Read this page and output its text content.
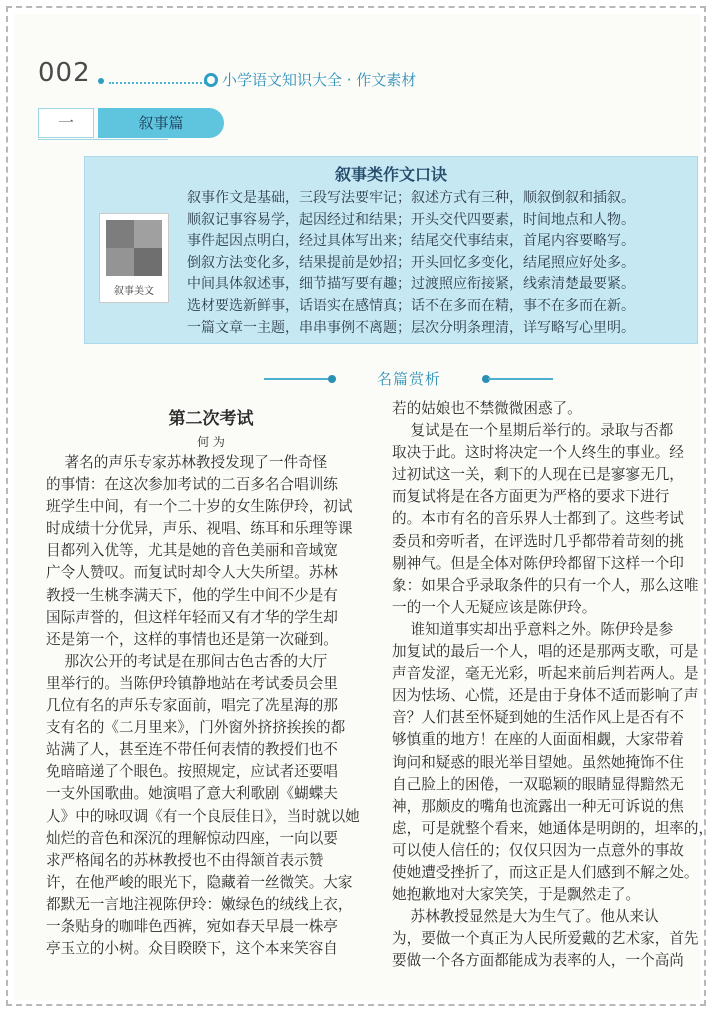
002	小学语文知识大全 · 作文素材
一	叙事篇
叙事类作文口诀
叙事美文
叙事作文是基础，三段写法要牢记；叙述方式有三种，顺叙倒叙和插叙。
顺叙记事容易学，起因经过和结果；开头交代四要素，时间地点和人物。
事件起因点明白，经过具体写出来；结尾交代事结束，首尾内容要略写。
倒叙方法变化多，结果提前是妙招；开头回忆多变化，结尾照应好处多。
中间具体叙述事，细节描写要有趣；过渡照应衔接紧，线索清楚最要紧。
选材要选新鲜事，话语实在感情真；话不在多而在精，事不在多而在新。
一篇文章一主题，串串事例不离题；层次分明条理清，详写略写心里明。
名篇赏析
第二次考试
何 为
著名的声乐专家苏林教授发现了一件奇怪
的事情：在这次参加考试的二百多名合唱训练
班学生中间，有一个二十岁的女生陈伊玲，初试
时成绩十分优异，声乐、视唱、练耳和乐理等课
目都列入优等，尤其是她的音色美丽和音域宽
广令人赞叹。而复试时却令人大失所望。苏林
教授一生桃李满天下，他的学生中间不少是有
国际声誉的，但这样年轻而又有才华的学生却
还是第一个，这样的事情也还是第一次碰到。
那次公开的考试是在那间古色古香的大厅
里举行的。当陈伊玲镇静地站在考试委员会里
几位有名的声乐专家面前，唱完了冼星海的那
支有名的《二月里来》，门外窗外挤挤挨挨的都
站满了人，甚至连不带任何表情的教授们也不
免暗暗递了个眼色。按照规定，应试者还要唱
一支外国歌曲。她演唱了意大利歌剧《蝴蝶夫
人》中的咏叹调《有一个良辰佳日》，当时就以她
灿烂的音色和深沉的理解惊动四座，一向以要
求严格闻名的苏林教授也不由得颔首表示赞
许，在他严峻的眼光下，隐藏着一丝微笑。大家
都默无一言地注视陈伊玲：嫩绿色的绒线上衣，
一条贴身的咖啡色西裤，宛如春天早晨一株亭
亭玉立的小树。众目睽睽下，这个本来笑容自
若的姑娘也不禁微微困惑了。
复试是在一个星期后举行的。录取与否都
取决于此。这时将决定一个人终生的事业。经
过初试这一关，剩下的人现在已是寥寥无几，
而复试将是在各方面更为严格的要求下进行
的。本市有名的音乐界人士都到了。这些考试
委员和旁听者，在评选时几乎都带着苛刻的挑
剔神气。但是全体对陈伊玲都留下这样一个印
象：如果合乎录取条件的只有一个人，那么这唯
一的一个人无疑应该是陈伊玲。
谁知道事实却出乎意料之外。陈伊玲是参
加复试的最后一个人，唱的还是那两支歌，可是
声音发涩，毫无光彩，听起来前后判若两人。是
因为怯场、心慌，还是由于身体不适而影响了声
音？人们甚至怀疑到她的生活作风上是否有不
够慎重的地方！在座的人面面相觑，大家带着
询问和疑惑的眼光举目望她。虽然她掩饰不住
自己脸上的困倦，一双聪颖的眼睛显得黯然无
神，那颇皮的嘴角也流露出一种无可诉说的焦
虑，可是就整个看来，她通体是明朗的，坦率的，
可以使人信任的；仅仅只因为一点意外的事故
使她遭受挫折了，而这正是人们感到不解之处。
她抱歉地对大家笑笑，于是飘然走了。
苏林教授显然是大为生气了。他从来认
为，要做一个真正为人民所爱戴的艺术家，首先
要做一个各方面都能成为表率的人，一个高尚
